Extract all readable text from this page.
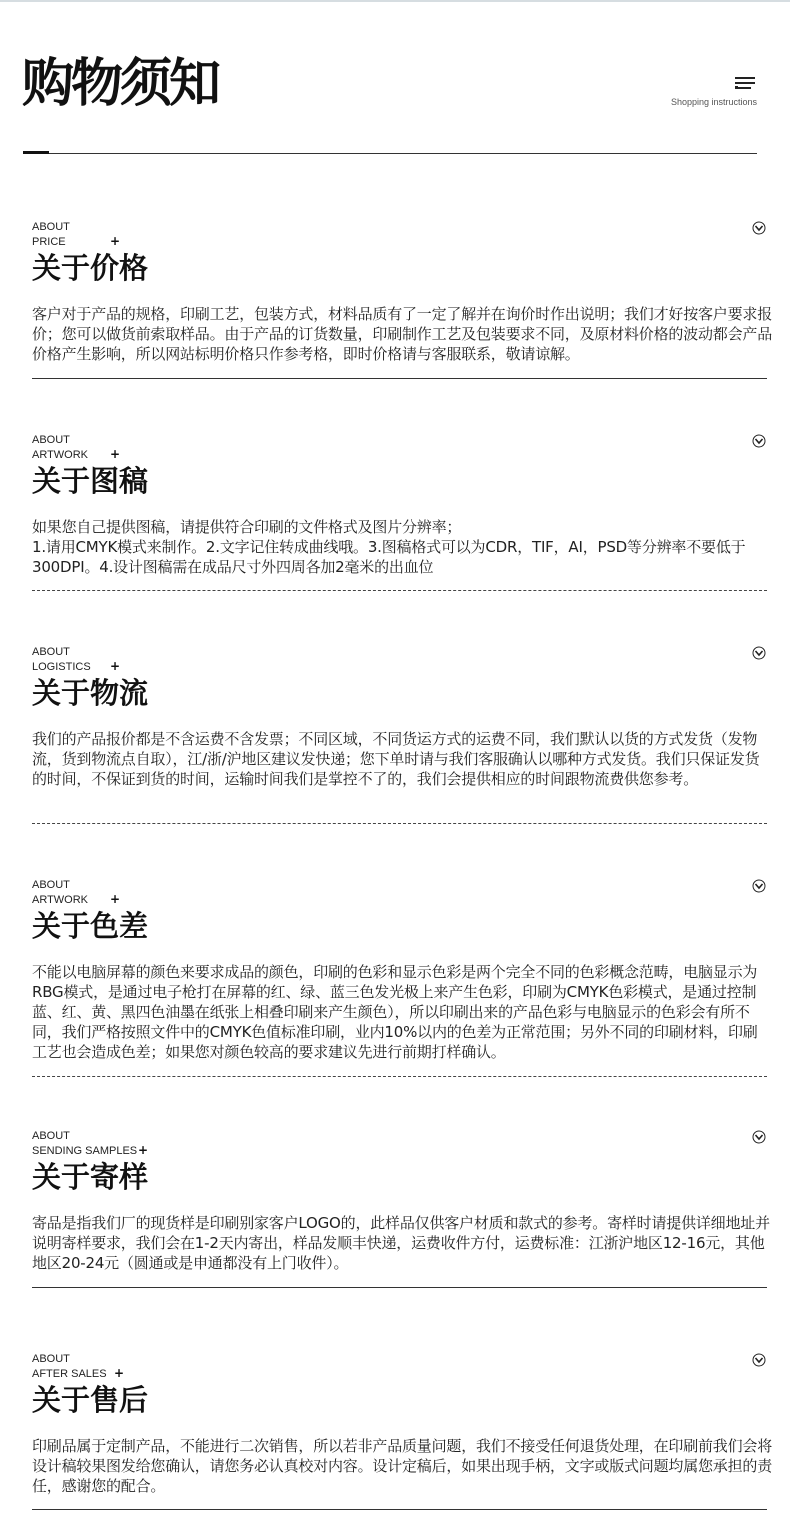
购物须知	Shopping instructions
ABOUT
PRICE	+
关于价格

客户对于产品的规格，印刷工艺，包装方式，材料品质有了一定了解并在询价时作出说明；我们才好按客户要求报价；您可以做货前索取样品。由于产品的订货数量，印刷制作工艺及包装要求不同，及原材料价格的波动都会产品价格产生影响，所以网站标明价格只作参考格，即时价格请与客服联系，敬请谅解。

ABOUT
ARTWORK +
关于图稿

如果您自己提供图稿，请提供符合印刷的文件格式及图片分辨率；
1.请用CMYK模式来制作。2.文字记住转成曲线哦。3.图稿格式可以为CDR，TIF，AI，PSD等分辨率不要低于300DPI。4.设计图稿需在成品尺寸外四周各加2毫米的出血位

ABOUT
LOGISTICS +
关于物流

我们的产品报价都是不含运费不含发票；不同区域，不同货运方式的运费不同，我们默认以货的方式发货（发物流，货到物流点自取），江/浙/沪地区建议发快递；您下单时请与我们客服确认以哪种方式发货。我们只保证发货的时间，不保证到货的时间，运输时间我们是掌控不了的，我们会提供相应的时间跟物流费供您参考。

ABOUT
ARTWORK +
关于色差

不能以电脑屏幕的颜色来要求成品的颜色，印刷的色彩和显示色彩是两个完全不同的色彩概念范畴，电脑显示为RBG模式，是通过电子枪打在屏幕的红、绿、蓝三色发光极上来产生色彩，印刷为CMYK色彩模式，是通过控制蓝、红、黄、黑四色油墨在纸张上相叠印刷来产生颜色），所以印刷出来的产品色彩与电脑显示的色彩会有所不同，我们严格按照文件中的CMYK色值标准印刷，业内10%以内的色差为正常范围；另外不同的印刷材料，印刷工艺也会造成色差；如果您对颜色较高的要求建议先进行前期打样确认。

ABOUT
SENDING SAMPLES +
关于寄样

寄品是指我们厂的现货样是印刷别家客户LOGO的，此样品仅供客户材质和款式的参考。寄样时请提供详细地址并说明寄样要求，我们会在1-2天内寄出，样品发顺丰快递，运费收件方付，运费标准：江浙沪地区12-16元，其他地区20-24元（圆通或是申通都没有上门收件）。

ABOUT
AFTER SALES +
关于售后

印刷品属于定制产品，不能进行二次销售，所以若非产品质量问题，我们不接受任何退货处理，在印刷前我们会将设计稿较果图发给您确认，请您务必认真校对内容。设计定稿后，如果出现手柄，文字或版式问题均属您承担的责任，感谢您的配合。
